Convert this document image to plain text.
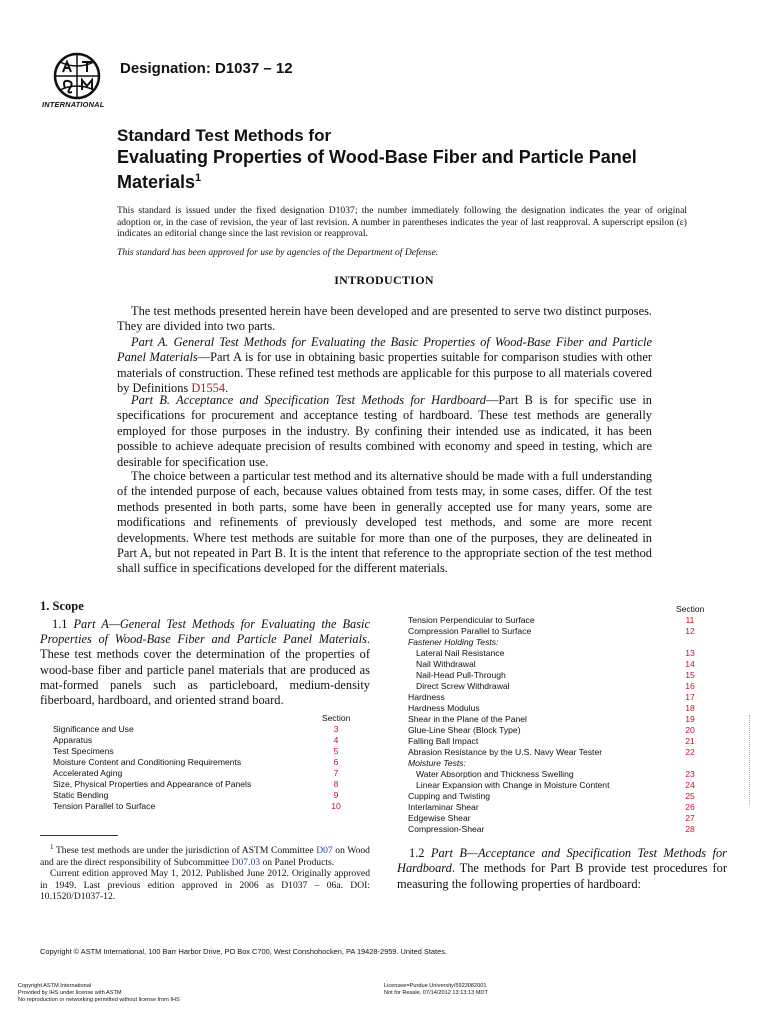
INTERNATIONAL
Designation: D1037 – 12
Standard Test Methods for
Evaluating Properties of Wood-Base Fiber and Particle Panel Materials$^1$
This standard is issued under the fixed designation D1037; the number immediately following the designation indicates the year of original adoption or, in the case of revision, the year of last revision. A number in parentheses indicates the year of last reapproval. A superscript epsilon (ε) indicates an editorial change since the last revision or reapproval.
This standard has been approved for use by agencies of the Department of Defense.
INTRODUCTION

The test methods presented herein have been developed and are presented to serve two distinct purposes. They are divided into two parts.

Part A. General Test Methods for Evaluating the Basic Properties of Wood-Base Fiber and Particle Panel Materials—Part A is for use in obtaining basic properties suitable for comparison studies with other materials of construction. These refined test methods are applicable for this purpose to all materials covered by Definitions D1554.

Part B. Acceptance and Specification Test Methods for Hardboard—Part B is for specific use in specifications for procurement and acceptance testing of hardboard. These test methods are generally employed for those purposes in the industry. By confining their intended use as indicated, it has been possible to achieve adequate precision of results combined with economy and speed in testing, which are desirable for specification use.

The choice between a particular test method and its alternative should be made with a full understanding of the intended purpose of each, because values obtained from tests may, in some cases, differ. Of the test methods presented in both parts, some have been in generally accepted use for many years, some are modifications and refinements of previously developed test methods, and some are more recent developments. Where test methods are suitable for more than one of the purposes, they are delineated in Part A, but not repeated in Part B. It is the intent that reference to the appropriate section of the test method shall suffice in specifications developed for the different materials.

1. Scope

1.1 Part A—General Test Methods for Evaluating the Basic Properties of Wood-Base Fiber and Particle Panel Materials. These test methods cover the determination of the properties of wood-base fiber and particle panel materials that are produced as mat-formed panels such as particleboard, medium-density fiberboard, hardboard, and oriented strand board.

Section
Significance and Use	3
Apparatus	4
Test Specimens	5
Moisture Content and Conditioning Requirements	6
Accelerated Aging	7
Size, Physical Properties and Appearance of Panels	8
Static Bending	9
Tension Parallel to Surface	10
Section
Tension Perpendicular to Surface	11
Compression Parallel to Surface	12
Fastener Holding Tests:
Lateral Nail Resistance	13
Nail Withdrawal	14
Nail-Head Pull-Through	15
Direct Screw Withdrawal	16
Hardness	17
Hardness Modulus	18
Shear in the Plane of the Panel	19
Glue-Line Shear (Block Type)	20
Falling Ball Impact	21
Abrasion Resistance by the U.S. Navy Wear Tester	22
Moisture Tests:
Water Absorption and Thickness Swelling	23
Linear Expansion with Change in Moisture Content	24
Cupping and Twisting	25
Interlaminar Shear	26
Edgewise Shear	27
Compression-Shear	28

$^1$ These test methods are under the jurisdiction of ASTM Committee D07 on Wood and are the direct responsibility of Subcommittee D07.03 on Panel Products.

Current edition approved May 1, 2012. Published June 2012. Originally approved in 1949. Last previous edition approved in 2006 as D1037 – 06a. DOI: 10.1520/D1037-12.

1.2 Part B—Acceptance and Specification Test Methods for Hardboard. The methods for Part B provide test procedures for measuring the following properties of hardboard:

Copyright © ASTM International, 100 Barr Harbor Drive, PO Box C700, West Conshohocken, PA 19428-2959. United States.
Copyright ASTM International
Provided by IHS under license with ASTM
No reproduction or networking permitted without license from IHS
Licensee=Purdue University/5923082001
Not for Resale, 07/14/2012 13:13:13 MDT
